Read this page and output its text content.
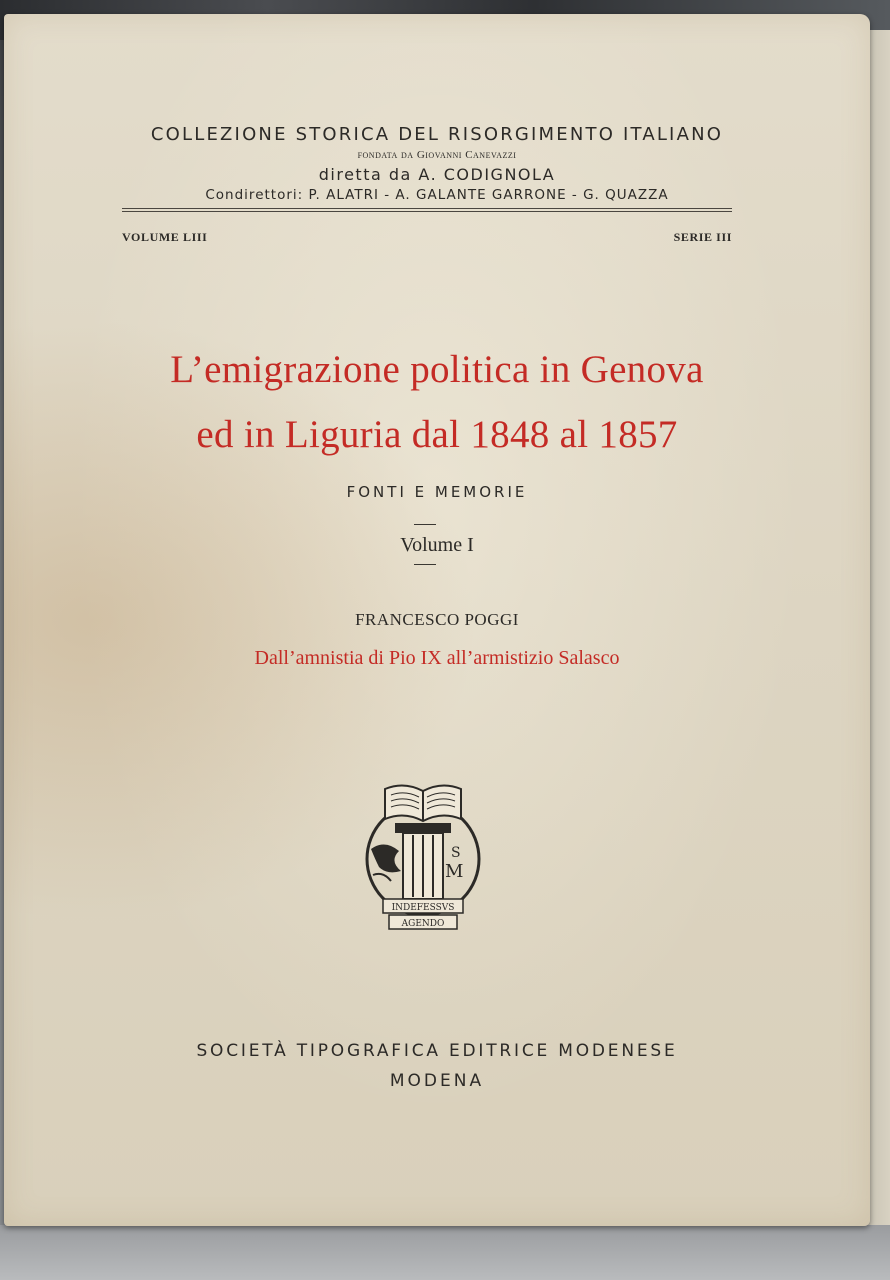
COLLEZIONE STORICA DEL RISORGIMENTO ITALIANO
fondata da Giovanni Canevazzi
diretta da A. CODIGNOLA
Condirettori: P. ALATRI - A. GALANTE GARRONE - G. QUAZZA
VOLUME LIII	SERIE III
L’emigrazione politica in Genova
ed in Liguria dal 1848 al 1857
FONTI E MEMORIE
Volume I
FRANCESCO POGGI
Dall’amnistia di Pio IX all’armistizio Salasco
S
M
INDEFESSVS
AGENDO
SOCIETÀ TIPOGRAFICA EDITRICE MODENESE
MODENA
